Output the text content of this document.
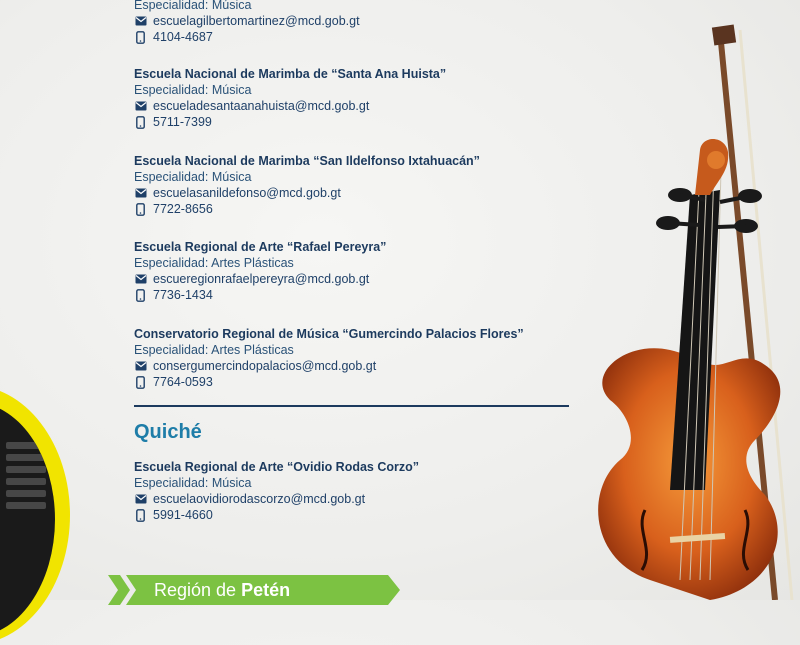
Especialidad: Música
escuelagilbertomartinez@mcd.gob.gt
4104-4687
Escuela Nacional de Marimba de “Santa Ana Huista”
Especialidad: Música
escueladesantaanahuista@mcd.gob.gt
5711-7399
Escuela Nacional de Marimba “San Ildelfonso Ixtahuacán”
Especialidad: Música
escuelasanildefonso@mcd.gob.gt
7722-8656
Escuela Regional de Arte “Rafael Pereyra”
Especialidad: Artes Plásticas
escueregionrafaelpereyra@mcd.gob.gt
7736-1434
Conservatorio Regional de Música “Gumercindo Palacios Flores”
Especialidad: Artes Plásticas
consergumercindopalacios@mcd.gob.gt
7764-0593
Escuela Regional de Arte “Ovidio Rodas Corzo”
Especialidad: Música
escuelaovidiorodascorzo@mcd.gob.gt
5991-4660
Quiché
Región de Petén
